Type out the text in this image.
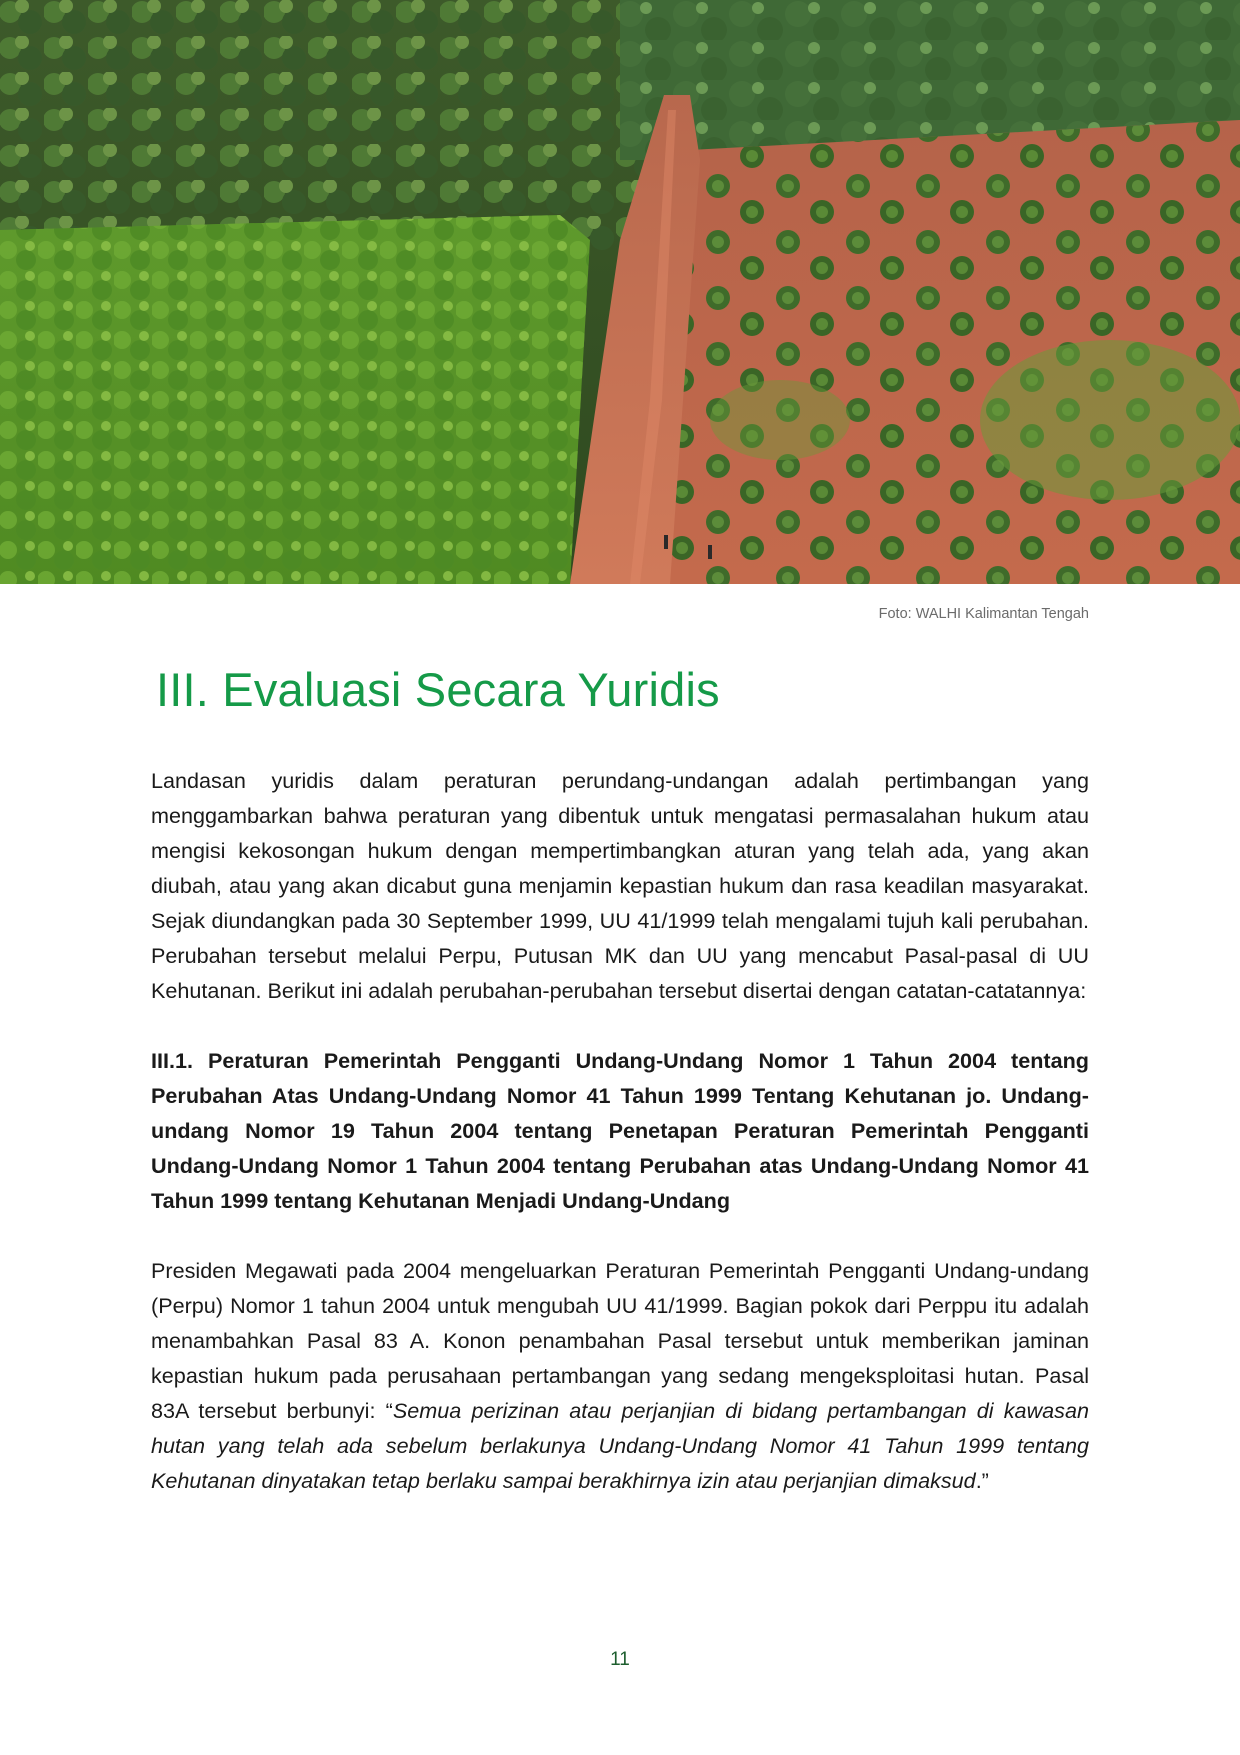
Foto: WALHI Kalimantan Tengah
III. Evaluasi Secara Yuridis

Landasan yuridis dalam peraturan perundang-undangan adalah pertimbangan yang menggambarkan bahwa peraturan yang dibentuk untuk mengatasi permasalahan hukum atau mengisi kekosongan hukum dengan mempertimbangkan aturan yang telah ada, yang akan diubah, atau yang akan dicabut guna menjamin kepastian hukum dan rasa keadilan masyarakat. Sejak diundangkan pada 30 September 1999, UU 41/1999 telah mengalami tujuh kali perubahan. Perubahan tersebut melalui Perpu, Putusan MK dan UU yang mencabut Pasal-pasal di UU Kehutanan. Berikut ini adalah perubahan-perubahan tersebut disertai dengan catatan-catatannya:

III.1. Peraturan Pemerintah Pengganti Undang-Undang Nomor 1 Tahun 2004 tentang Perubahan Atas Undang-Undang Nomor 41 Tahun 1999 Tentang Kehutanan jo. Undang-undang Nomor 19 Tahun 2004 tentang Penetapan Peraturan Pemerintah Pengganti Undang-Undang Nomor 1 Tahun 2004 tentang Perubahan atas Undang-Undang Nomor 41 Tahun 1999 tentang Kehutanan Menjadi Undang-Undang

Presiden Megawati pada 2004 mengeluarkan Peraturan Pemerintah Pengganti Undang-undang (Perpu) Nomor 1 tahun 2004 untuk mengubah UU 41/1999. Bagian pokok dari Perppu itu adalah menambahkan Pasal 83 A. Konon penambahan Pasal tersebut untuk memberikan jaminan kepastian hukum pada perusahaan pertambangan yang sedang mengeksploitasi hutan. Pasal 83A tersebut berbunyi: “Semua perizinan atau perjanjian di bidang pertambangan di kawasan hutan yang telah ada sebelum berlakunya Undang-Undang Nomor 41 Tahun 1999 tentang Kehutanan dinyatakan tetap berlaku sampai berakhirnya izin atau perjanjian dimaksud.”

11
